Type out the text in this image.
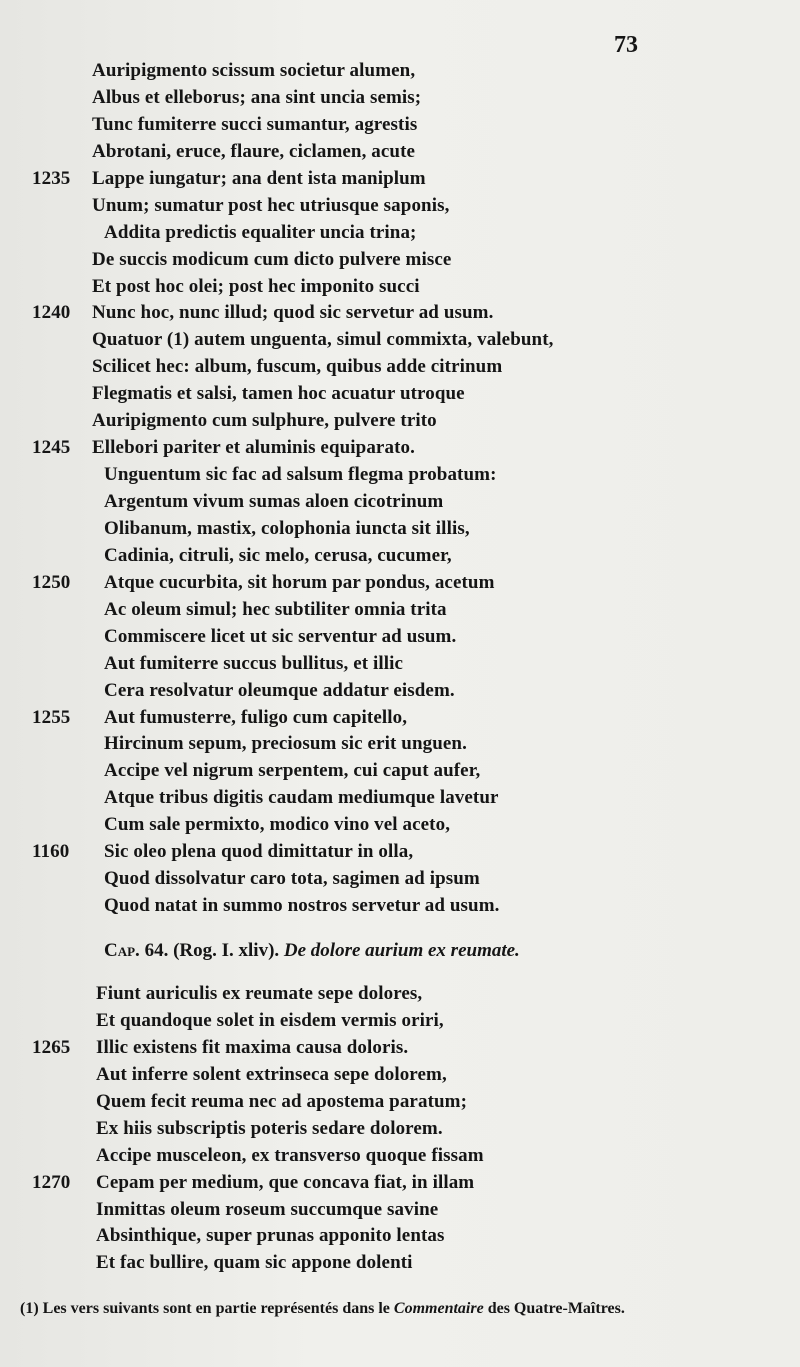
73
Auripigmento scissum societur alumen,
Albus et elleborus; ana sint uncia semis;
Tunc fumiterre succi sumantur, agrestis
Abrotani, eruce, flaure, ciclamen, acute
1235 Lappe iungatur; ana dent ista maniplum
Unum; sumatur post hec utriusque saponis,
Addita predictis equaliter uncia trina;
De succis modicum cum dicto pulvere misce
Et post hoc olei; post hec imponito succi
1240 Nunc hoc, nunc illud; quod sic servetur ad usum.
Quatuor (1) autem unguenta, simul commixta, valebunt,
Scilicet hec: album, fuscum, quibus adde citrinum
Flegmatis et salsi, tamen hoc acuatur utroque
Auripigmento cum sulphure, pulvere trito
1245 Ellebori pariter et aluminis equiparato.
Unguentum sic fac ad salsum flegma probatum:
Argentum vivum sumas aloen cicotrinum
Olibanum, mastix, colophonia iuncta sit illis,
Cadinia, citruli, sic melo, cerusa, cucumer,
1250 Atque cucurbita, sit horum par pondus, acetum
Ac oleum simul; hec subtiliter omnia trita
Commiscere licet ut sic serventur ad usum.
Aut fumiterre succus bullitus, et illic
Cera resolvatur oleumque addatur eisdem.
1255 Aut fumusterre, fuligo cum capitello,
Hircinum sepum, preciosum sic erit unguen.
Accipe vel nigrum serpentem, cui caput aufer,
Atque tribus digitis caudam mediumque lavetur
Cum sale permixto, modico vino vel aceto,
1160 Sic oleo plena quod dimittatur in olla,
Quod dissolvatur caro tota, sagimen ad ipsum
Quod natat in summo nostros servetur ad usum.
Cap. 64. (Rog. I. xliv). De dolore aurium ex reumate.
Fiunt auriculis ex reumate sepe dolores,
Et quandoque solet in eisdem vermis oriri,
1265 Illic existens fit maxima causa doloris.
Aut inferre solent extrinseca sepe dolorem,
Quem fecit reuma nec ad apostema paratum;
Ex hiis subscriptis poteris sedare dolorem.
Accipe musceleon, ex transverso quoque fissam
1270 Cepam per medium, que concava fiat, in illam
Inmittas oleum roseum succumque savine
Absinthique, super prunas apponito lentas
Et fac bullire, quam sic appone dolenti
(1) Les vers suivants sont en partie représentés dans le Commentaire des Quatre-Maîtres.
